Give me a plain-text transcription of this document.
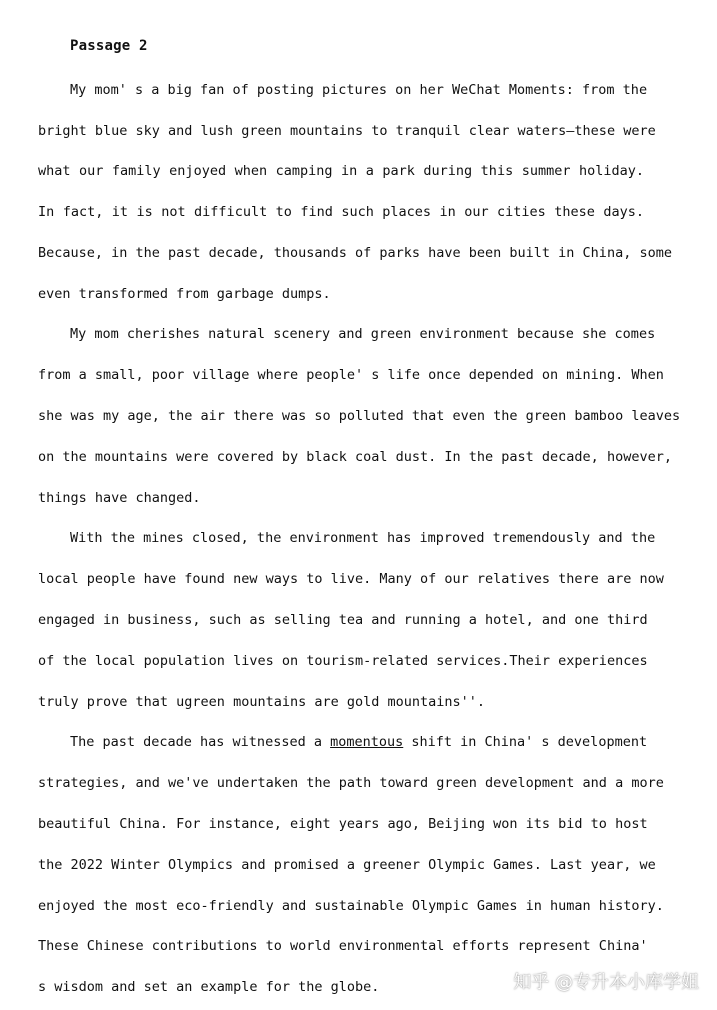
Passage 2
My mom' s a big fan of posting pictures on her WeChat Moments: from the
bright blue sky and lush green mountains to tranquil clear waters—these were
what our family enjoyed when camping in a park during this summer holiday.
In fact, it is not difficult to find such places in our cities these days.
Because, in the past decade, thousands of parks have been built in China, some
even transformed from garbage dumps.
My mom cherishes natural scenery and green environment because she comes
from a small, poor village where people' s life once depended on mining. When
she was my age, the air there was so polluted that even the green bamboo leaves
on the mountains were covered by black coal dust. In the past decade, however,
things have changed.
With the mines closed, the environment has improved tremendously and the
local people have found new ways to live. Many of our relatives there are now
engaged in business, such as selling tea and running a hotel, and one third
of the local population lives on tourism-related services.Their experiences
truly prove that ugreen mountains are gold mountains''.
The past decade has witnessed a momentous shift in China' s development
strategies, and we've undertaken the path toward green development and a more
beautiful China. For instance, eight years ago, Beijing won its bid to host
the 2022 Winter Olympics and promised a greener Olympic Games. Last year, we
enjoyed the most eco-friendly and sustainable Olympic Games in human history.
These Chinese contributions to world environmental efforts represent China'
s wisdom and set an example for the globe.	知乎 @专升本小库学姐
